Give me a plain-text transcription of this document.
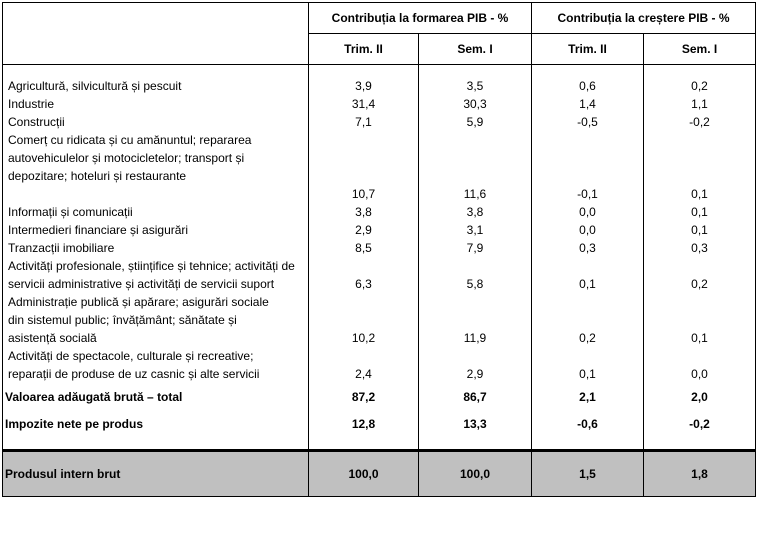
	Contribuția la formarea PIB - %		Contribuția la creștere PIB - %	
	Trim. II	Sem. I	Trim. II	Sem. I

Agricultură, silvicultură și pescuit	3,9	3,5	0,6	0,2
Industrie	31,4	30,3	1,4	1,1
Construcții	7,1	5,9	-0,5	-0,2
Comerț cu ridicata și cu amănuntul; repararea autovehiculelor și motocicletelor; transport și depozitare; hoteluri și restaurante	10,7	11,6	-0,1	0,1
Informații și comunicații	3,8	3,8	0,0	0,1
Intermedieri financiare și asigurări	2,9	3,1	0,0	0,1
Tranzacții imobiliare	8,5	7,9	0,3	0,3
Activități profesionale, științifice și tehnice; activități de servicii administrative și activități de servicii suport	6,3	5,8	0,1	0,2
Administrație publică și apărare; asigurări sociale din sistemul public; învățământ; sănătate și asistență socială	10,2	11,9	0,2	0,1
Activități de spectacole, culturale și recreative; reparații de produse de uz casnic și alte servicii	2,4	2,9	0,1	0,0
Valoarea adăugată brută – total	87,2	86,7	2,1	2,0
Impozite nete pe produs	12,8	13,3	-0,6	-0,2

Produsul intern brut	100,0	100,0	1,5	1,8
